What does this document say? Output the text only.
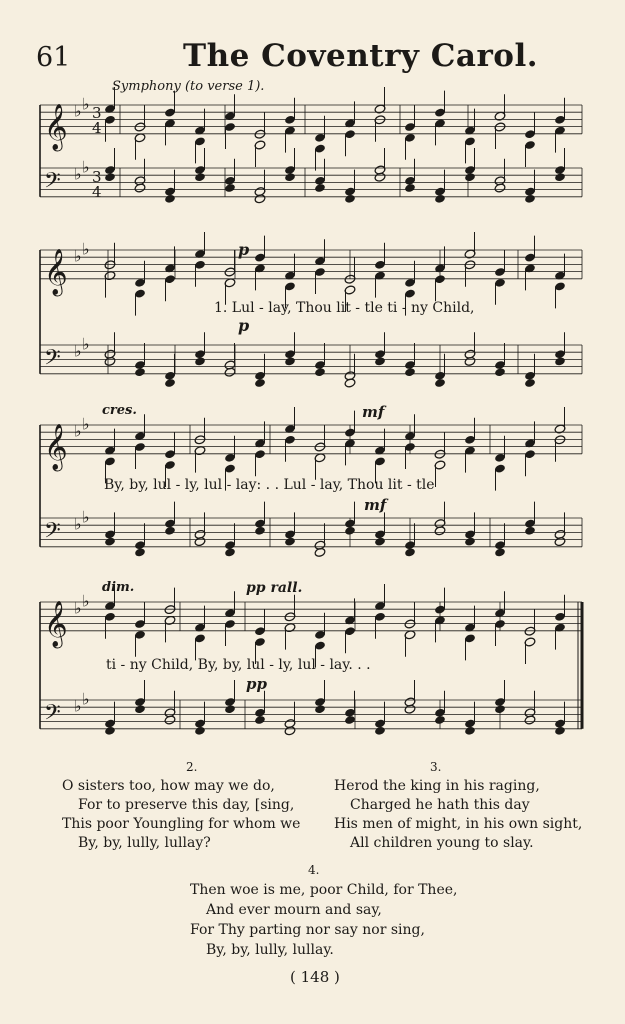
61	The Coventry Carol.
Symphony (to verse 1).
𝄞 ♭ ♭
𝄢 ♭ ♭
𝄞 ♭ ♭
𝄢 ♭ ♭
𝄞 ♭ ♭
𝄢 ♭ ♭
𝄞 ♭ ♭
𝄢 ♭ ♭
3
4
3
4
p
p
cres.	mf
mf
dim.	pp rall.
pp
1. Lul - lay, Thou lit - tle ti - ny Child,
By, by, lul - ly, lul - lay: . . Lul - lay, Thou lit - tle
ti - ny Child, By, by, lul - ly, lul - lay. . .
2.
O sisters too, how may we do,
For to preserve this day, [sing,
This poor Youngling for whom we
By, by, lully, lullay?
3.
Herod the king in his raging,
Charged he hath this day
His men of might, in his own sight,
All children young to slay.
4.
Then woe is me, poor Child, for Thee,
And ever mourn and say,
For Thy parting nor say nor sing,
By, by, lully, lullay.
( 148 )
